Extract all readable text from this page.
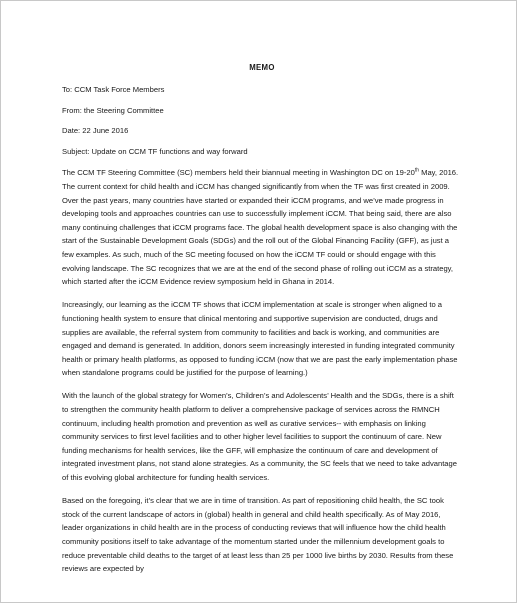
MEMO
To: CCM Task Force Members
From: the Steering Committee
Date: 22 June 2016
Subject: Update on CCM TF functions and way forward
The CCM TF Steering Committee (SC) members held their biannual meeting in Washington DC on 19-20th May, 2016. The current context for child health and iCCM has changed significantly from when the TF was first created in 2009. Over the past years, many countries have started or expanded their iCCM programs, and we’ve made progress in developing tools and approaches countries can use to successfully implement iCCM. That being said, there are also many continuing challenges that iCCM programs face. The global health development space is also changing with the start of the Sustainable Development Goals (SDGs) and the roll out of the Global Financing Facility (GFF), as just a few examples. As such, much of the SC meeting focused on how the iCCM TF could or should engage with this evolving landscape. The SC recognizes that we are at the end of the second phase of rolling out iCCM as a strategy, which started after the iCCM Evidence review symposium held in Ghana in 2014.
Increasingly, our learning as the iCCM TF shows that iCCM implementation at scale is stronger when aligned to a functioning health system to ensure that clinical mentoring and supportive supervision are conducted, drugs and supplies are available, the referral system from community to facilities and back is working, and communities are engaged and demand is generated. In addition, donors seem increasingly interested in funding integrated community health or primary health platforms, as opposed to funding iCCM (now that we are past the early implementation phase when standalone programs could be justified for the purpose of learning.)
With the launch of the global strategy for Women’s, Children’s and Adolescents’ Health and the SDGs, there is a shift to strengthen the community health platform to deliver a comprehensive package of services across the RMNCH continuum, including health promotion and prevention as well as curative services-- with emphasis on linking community services to first level facilities and to other higher level facilities to support the continuum of care. New funding mechanisms for health services, like the GFF, will emphasize the continuum of care and development of integrated investment plans, not stand alone strategies. As a community, the SC feels that we need to take advantage of this evolving global architecture for funding health services.
Based on the foregoing, it’s clear that we are in time of transition. As part of repositioning child health, the SC took stock of the current landscape of actors in (global) health in general and child health specifically. As of May 2016, leader organizations in child health are in the process of conducting reviews that will influence how the child health community positions itself to take advantage of the momentum started under the millennium development goals to reduce preventable child deaths to the target of at least less than 25 per 1000 live births by 2030. Results from these reviews are expected by
